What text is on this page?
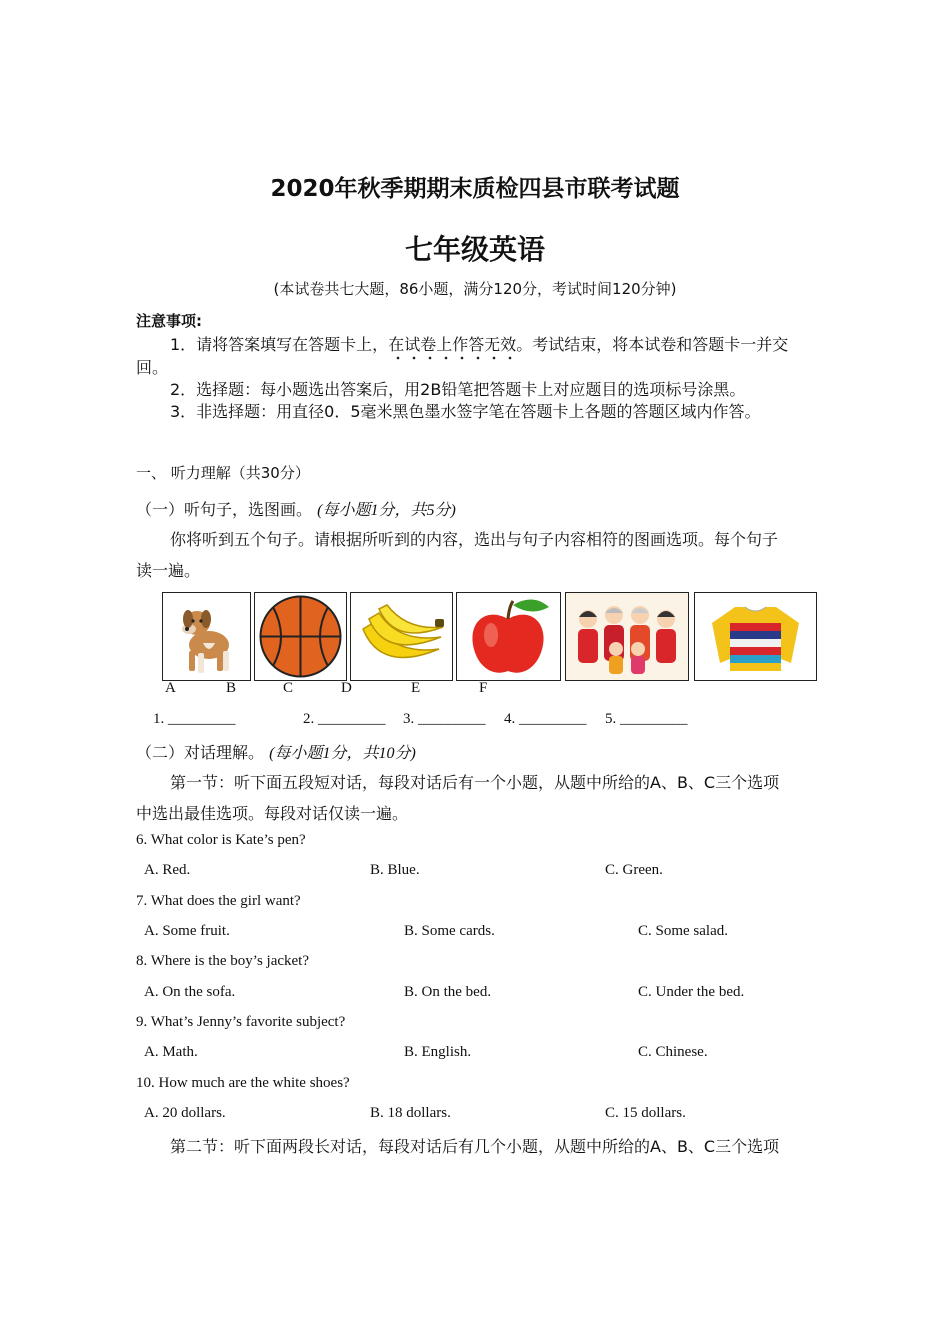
2020年秋季期期末质检四县市联考试题
七年级英语
(本试卷共七大题，86小题，满分120分，考试时间120分钟)
注意事项:
1．请将答案填写在答题卡上，在试卷上作答无效。考试结束，将本试卷和答题卡一并交
回。
2．选择题：每小题选出答案后，用2B铅笔把答题卡上对应题目的选项标号涂黑。
3．非选择题：用直径0．5毫米黑色墨水签字笔在答题卡上各题的答题区域内作答。
一、 听力理解（共30分）
（一）听句子，选图画。 (每小题1分，共5分)
你将听到五个句子。请根据所听到的内容，选出与句子内容相符的图画选项。每个句子
读一遍。
A	B	C	D	E	F
1. _________	2. _________ 3. _________ 4. _________ 5. _________
（二）对话理解。 (每小题1分，共10分)
第一节：听下面五段短对话，每段对话后有一个小题，从题中所给的A、B、C三个选项
中选出最佳选项。每段对话仅读一遍。
6. What color is Kate’s pen?
A. Red.	B. Blue.	C. Green.
7. What does the girl want?
A. Some fruit.	B. Some cards.	C. Some salad.
8. Where is the boy’s jacket?
A. On the sofa.	B. On the bed.	C. Under the bed.
9. What’s Jenny’s favorite subject?
A. Math.	B. English.	C. Chinese.
10. How much are the white shoes?
A. 20 dollars.	B. 18 dollars.	C. 15 dollars.
第二节：听下面两段长对话，每段对话后有几个小题，从题中所给的A、B、C三个选项
